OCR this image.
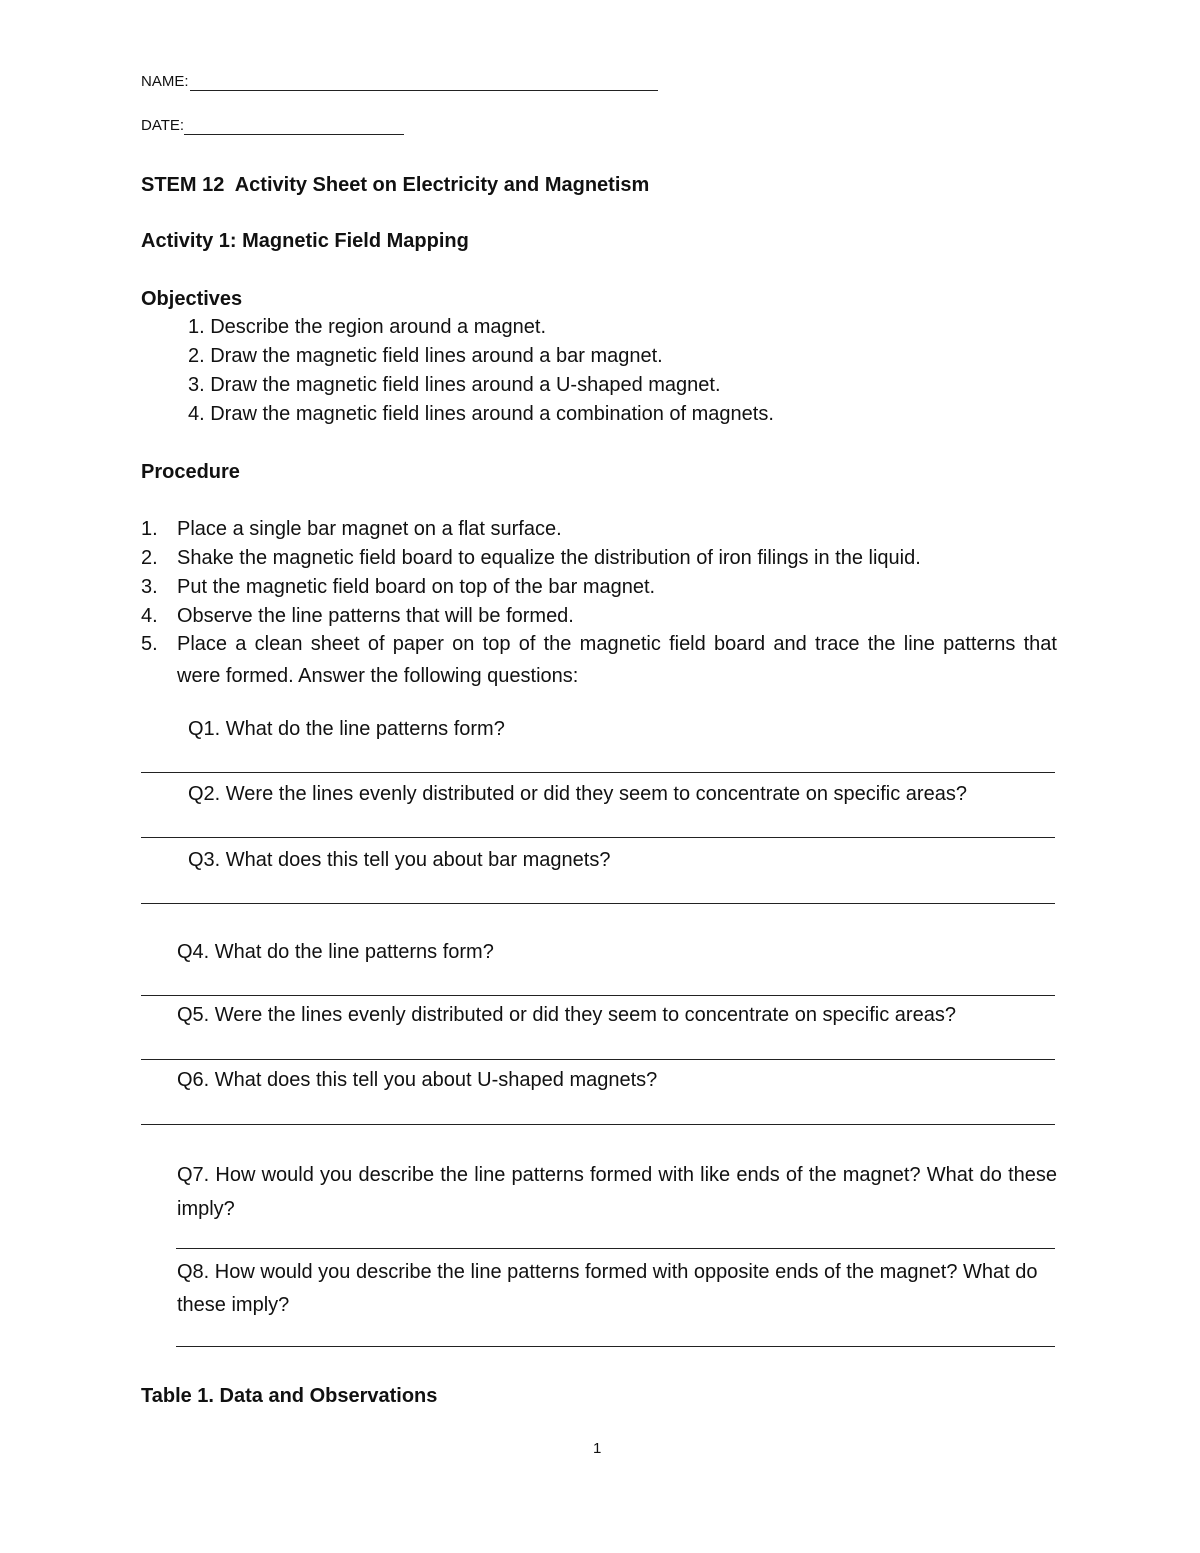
NAME:
DATE:
STEM 12  Activity Sheet on Electricity and Magnetism
Activity 1: Magnetic Field Mapping
Objectives
1. Describe the region around a magnet.
2. Draw the magnetic field lines around a bar magnet.
3. Draw the magnetic field lines around a U-shaped magnet.
4. Draw the magnetic field lines around a combination of magnets.
Procedure
1. Place a single bar magnet on a flat surface.
2. Shake the magnetic field board to equalize the distribution of iron filings in the liquid.
3. Put the magnetic field board on top of the bar magnet.
4. Observe the line patterns that will be formed.
5. Place a clean sheet of paper on top of the magnetic field board and trace the line patterns that were formed. Answer the following questions:
Q1. What do the line patterns form?
Q2. Were the lines evenly distributed or did they seem to concentrate on specific areas?
Q3. What does this tell you about bar magnets?
Q4. What do the line patterns form?
Q5. Were the lines evenly distributed or did they seem to concentrate on specific areas?
Q6. What does this tell you about U-shaped magnets?
Q7. How would you describe the line patterns formed with like ends of the magnet? What do these imply?
Q8. How would you describe the line patterns formed with opposite ends of the magnet? What do these imply?
Table 1. Data and Observations
1
